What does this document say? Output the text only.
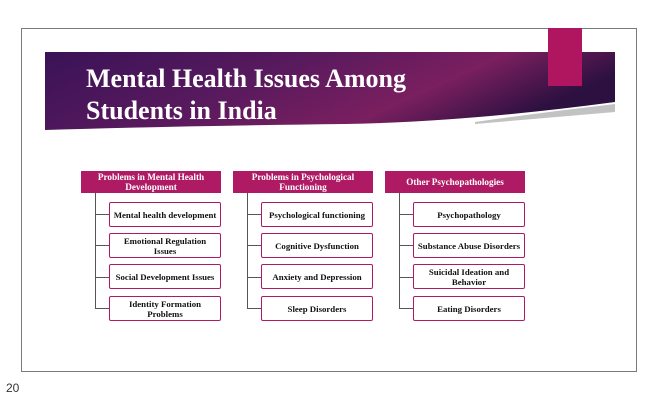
Mental Health Issues Among Students in India
Problems in Mental Health Development
Mental health development
Emotional Regulation Issues
Social Development Issues
Identity Formation Problems
Problems in Psychological Functioning
Psychological functioning
Cognitive Dysfunction
Anxiety and Depression
Sleep Disorders
Other Psychopathologies
Psychopathology
Substance Abuse Disorders
Suicidal Ideation and Behavior
Eating Disorders
20
